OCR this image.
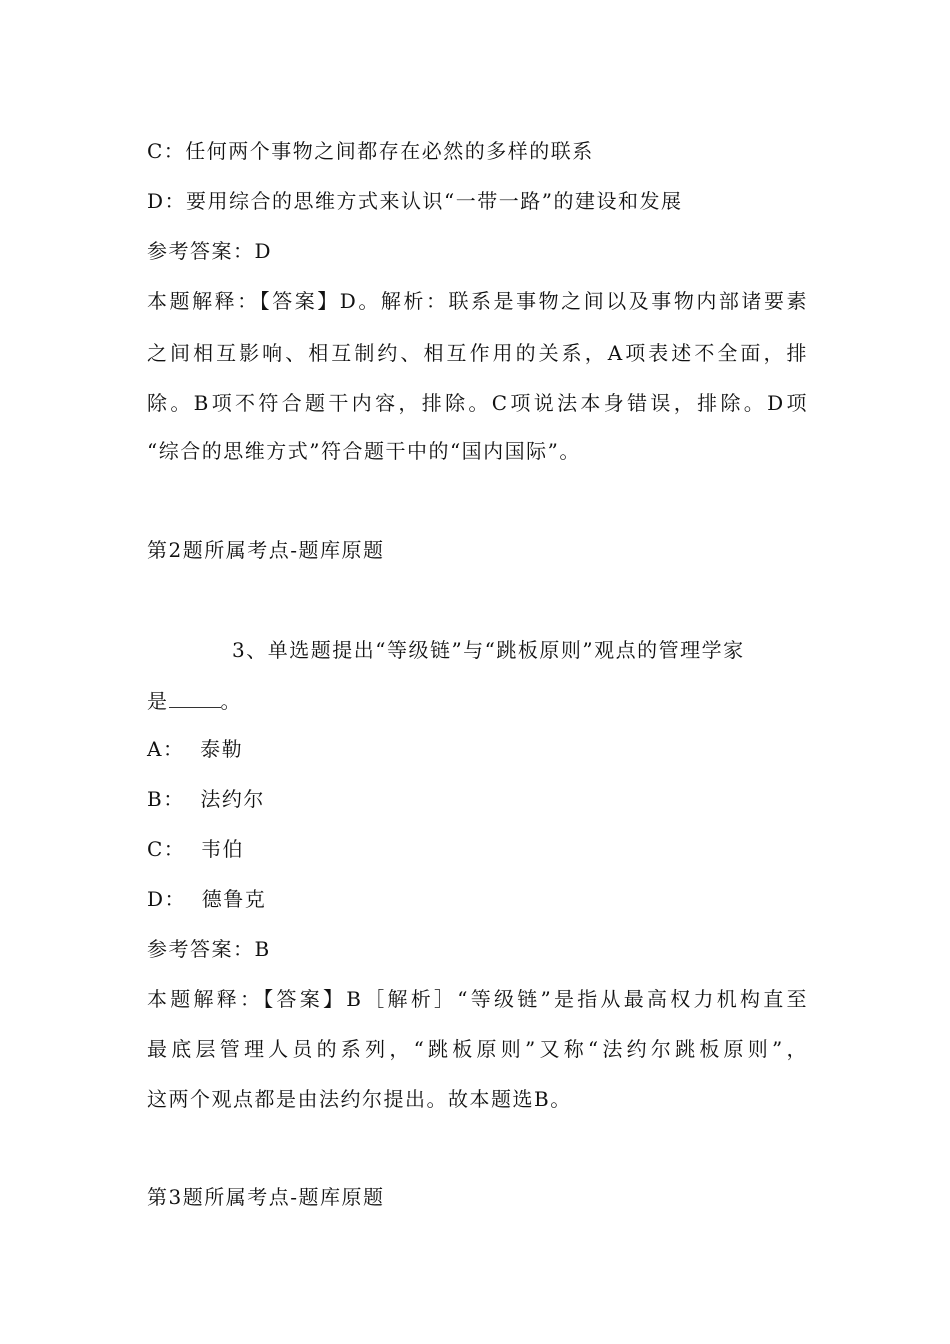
C：任何两个事物之间都存在必然的多样的联系
D：要用综合的思维方式来认识“一带一路”的建设和发展
参考答案：D
本题解释：【答案】D。解析：联系是事物之间以及事物内部诸要素
之间相互影响、相互制约、相互作用的关系，A项表述不全面，排
除。B项不符合题干内容，排除。C项说法本身错误，排除。D项
“综合的思维方式”符合题干中的“国内国际”。
第2题所属考点-题库原题
3、单选题提出“等级链”与“跳板原则”观点的管理学家
是	。
A： 泰勒
B： 法约尔
C： 韦伯
D： 德鲁克
参考答案：B
本题解释：【答案】B［解析］“等级链”是指从最高权力机构直至
最底层管理人员的系列，“跳板原则”又称“法约尔跳板原则”，
这两个观点都是由法约尔提出。故本题选B。
第3题所属考点-题库原题
